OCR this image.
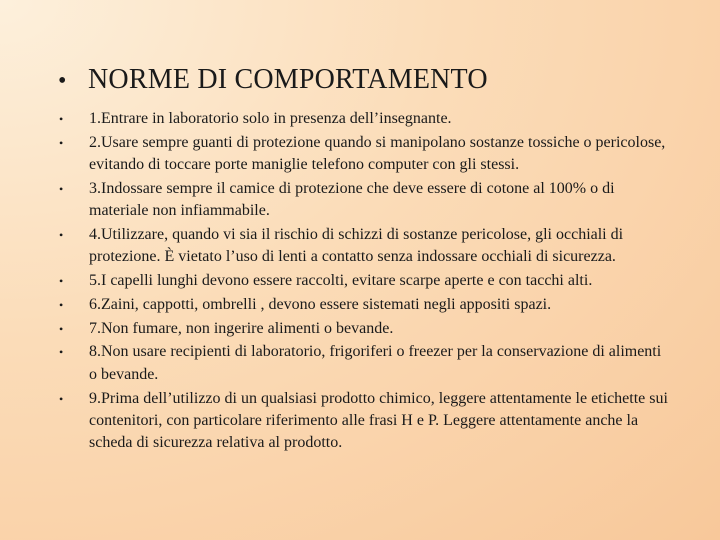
• NORME DI COMPORTAMENTO
•	1.Entrare in laboratorio solo in presenza dell’insegnante.
•	2.Usare sempre guanti di protezione quando si manipolano sostanze tossiche o pericolose, evitando di toccare porte maniglie telefono computer con gli stessi.
•	3.Indossare sempre il camice di protezione che deve essere di cotone al 100% o di materiale non infiammabile.
•	4.Utilizzare, quando vi sia il rischio di schizzi di sostanze pericolose, gli occhiali di protezione. È vietato l’uso di lenti a contatto senza indossare occhiali di sicurezza.
•	5.I capelli lunghi devono essere raccolti, evitare scarpe aperte e con tacchi alti.
•	6.Zaini, cappotti, ombrelli , devono essere sistemati negli appositi spazi.
•	7.Non fumare, non ingerire alimenti o bevande.
•	8.Non usare recipienti di laboratorio, frigoriferi o freezer per la conservazione di alimenti o bevande.
•	9.Prima dell’utilizzo di un qualsiasi prodotto chimico, leggere attentamente le etichette sui contenitori, con particolare riferimento alle frasi H e P. Leggere attentamente anche la scheda di sicurezza relativa al prodotto.
